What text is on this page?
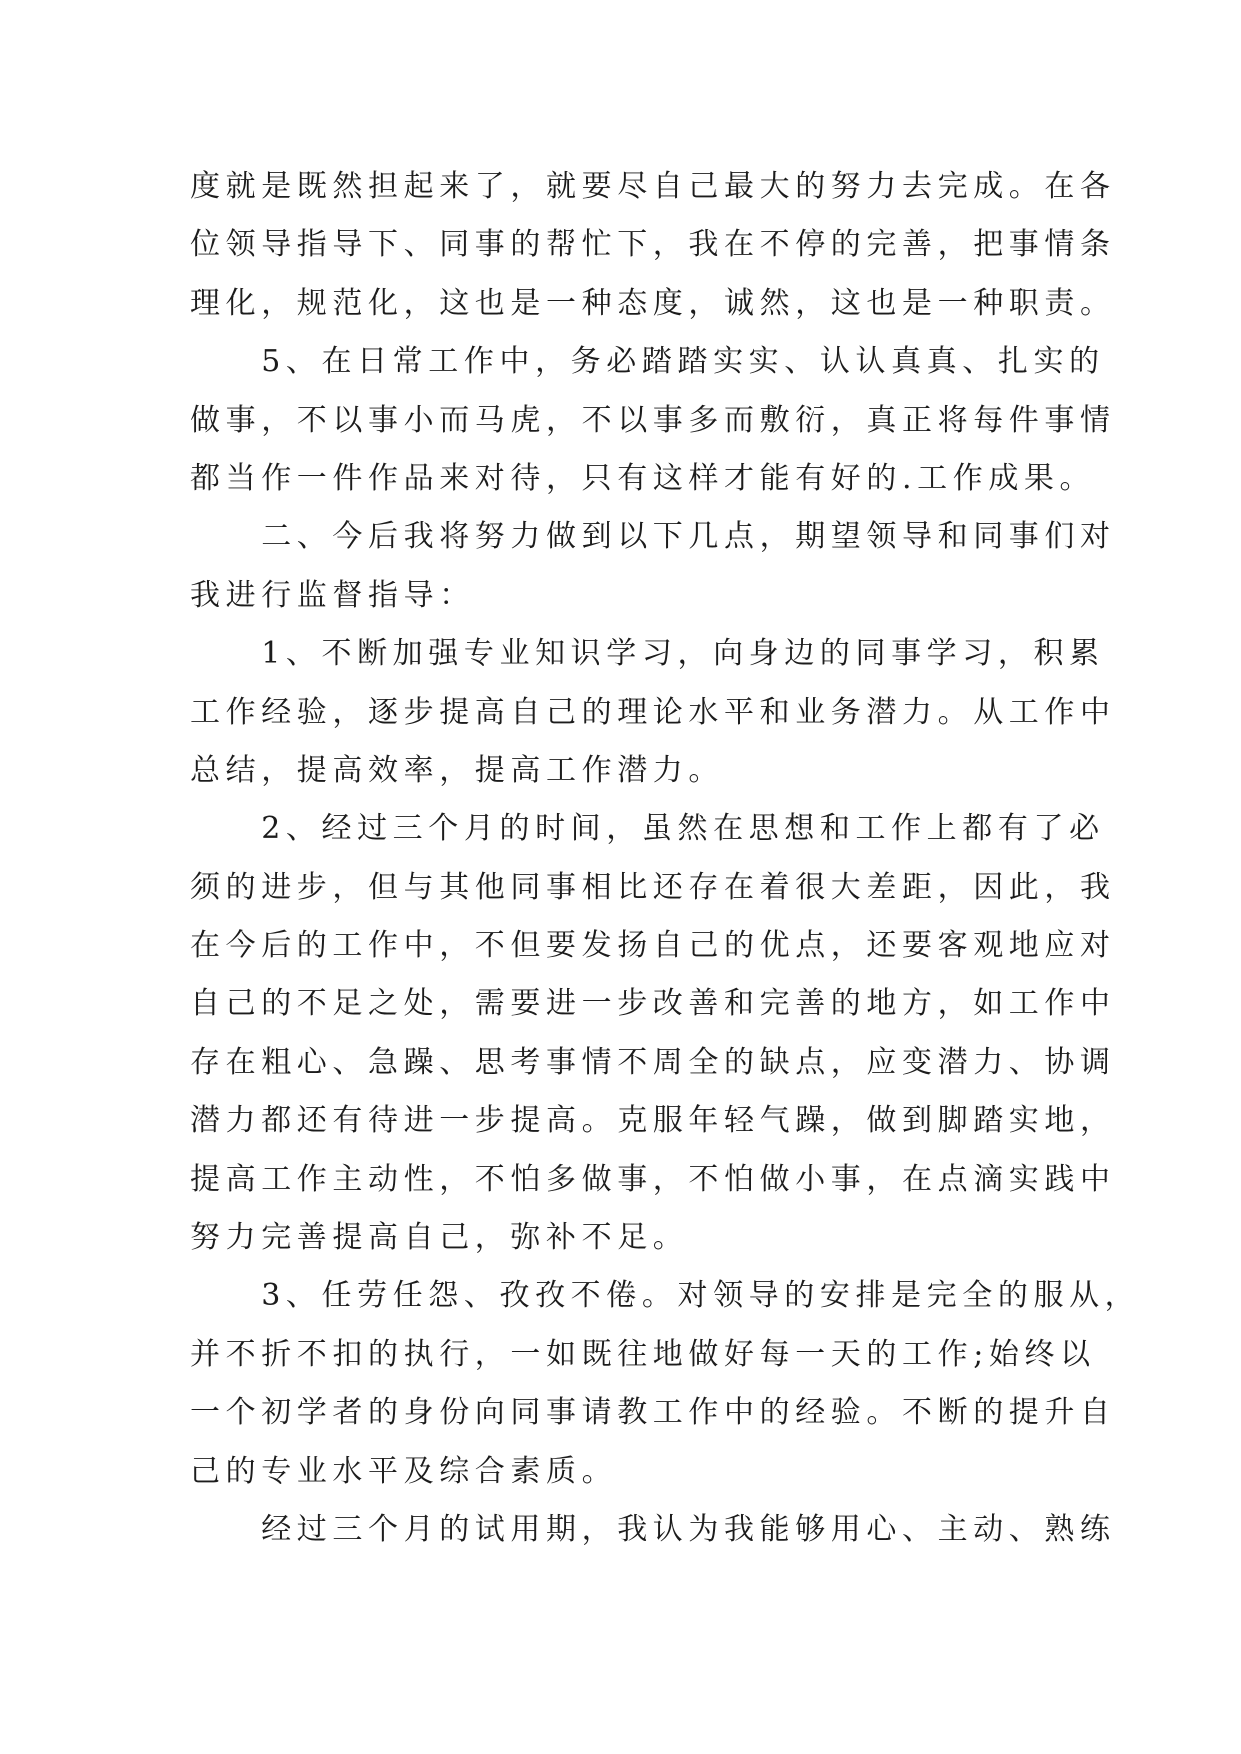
度就是既然担起来了，就要尽自己最大的努力去完成。在各
位领导指导下、同事的帮忙下，我在不停的完善，把事情条
理化，规范化，这也是一种态度，诚然，这也是一种职责。
　　5、在日常工作中，务必踏踏实实、认认真真、扎实的
做事，不以事小而马虎，不以事多而敷衍，真正将每件事情
都当作一件作品来对待，只有这样才能有好的.工作成果。
　　二、今后我将努力做到以下几点，期望领导和同事们对
我进行监督指导：
　　1、不断加强专业知识学习，向身边的同事学习，积累
工作经验，逐步提高自己的理论水平和业务潜力。从工作中
总结，提高效率，提高工作潜力。
　　2、经过三个月的时间，虽然在思想和工作上都有了必
须的进步，但与其他同事相比还存在着很大差距，因此，我
在今后的工作中，不但要发扬自己的优点，还要客观地应对
自己的不足之处，需要进一步改善和完善的地方，如工作中
存在粗心、急躁、思考事情不周全的缺点，应变潜力、协调
潜力都还有待进一步提高。克服年轻气躁，做到脚踏实地，
提高工作主动性，不怕多做事，不怕做小事，在点滴实践中
努力完善提高自己，弥补不足。
　　3、任劳任怨、孜孜不倦。对领导的安排是完全的服从，
并不折不扣的执行，一如既往地做好每一天的工作;始终以
一个初学者的身份向同事请教工作中的经验。不断的提升自
己的专业水平及综合素质。
　　经过三个月的试用期，我认为我能够用心、主动、熟练
